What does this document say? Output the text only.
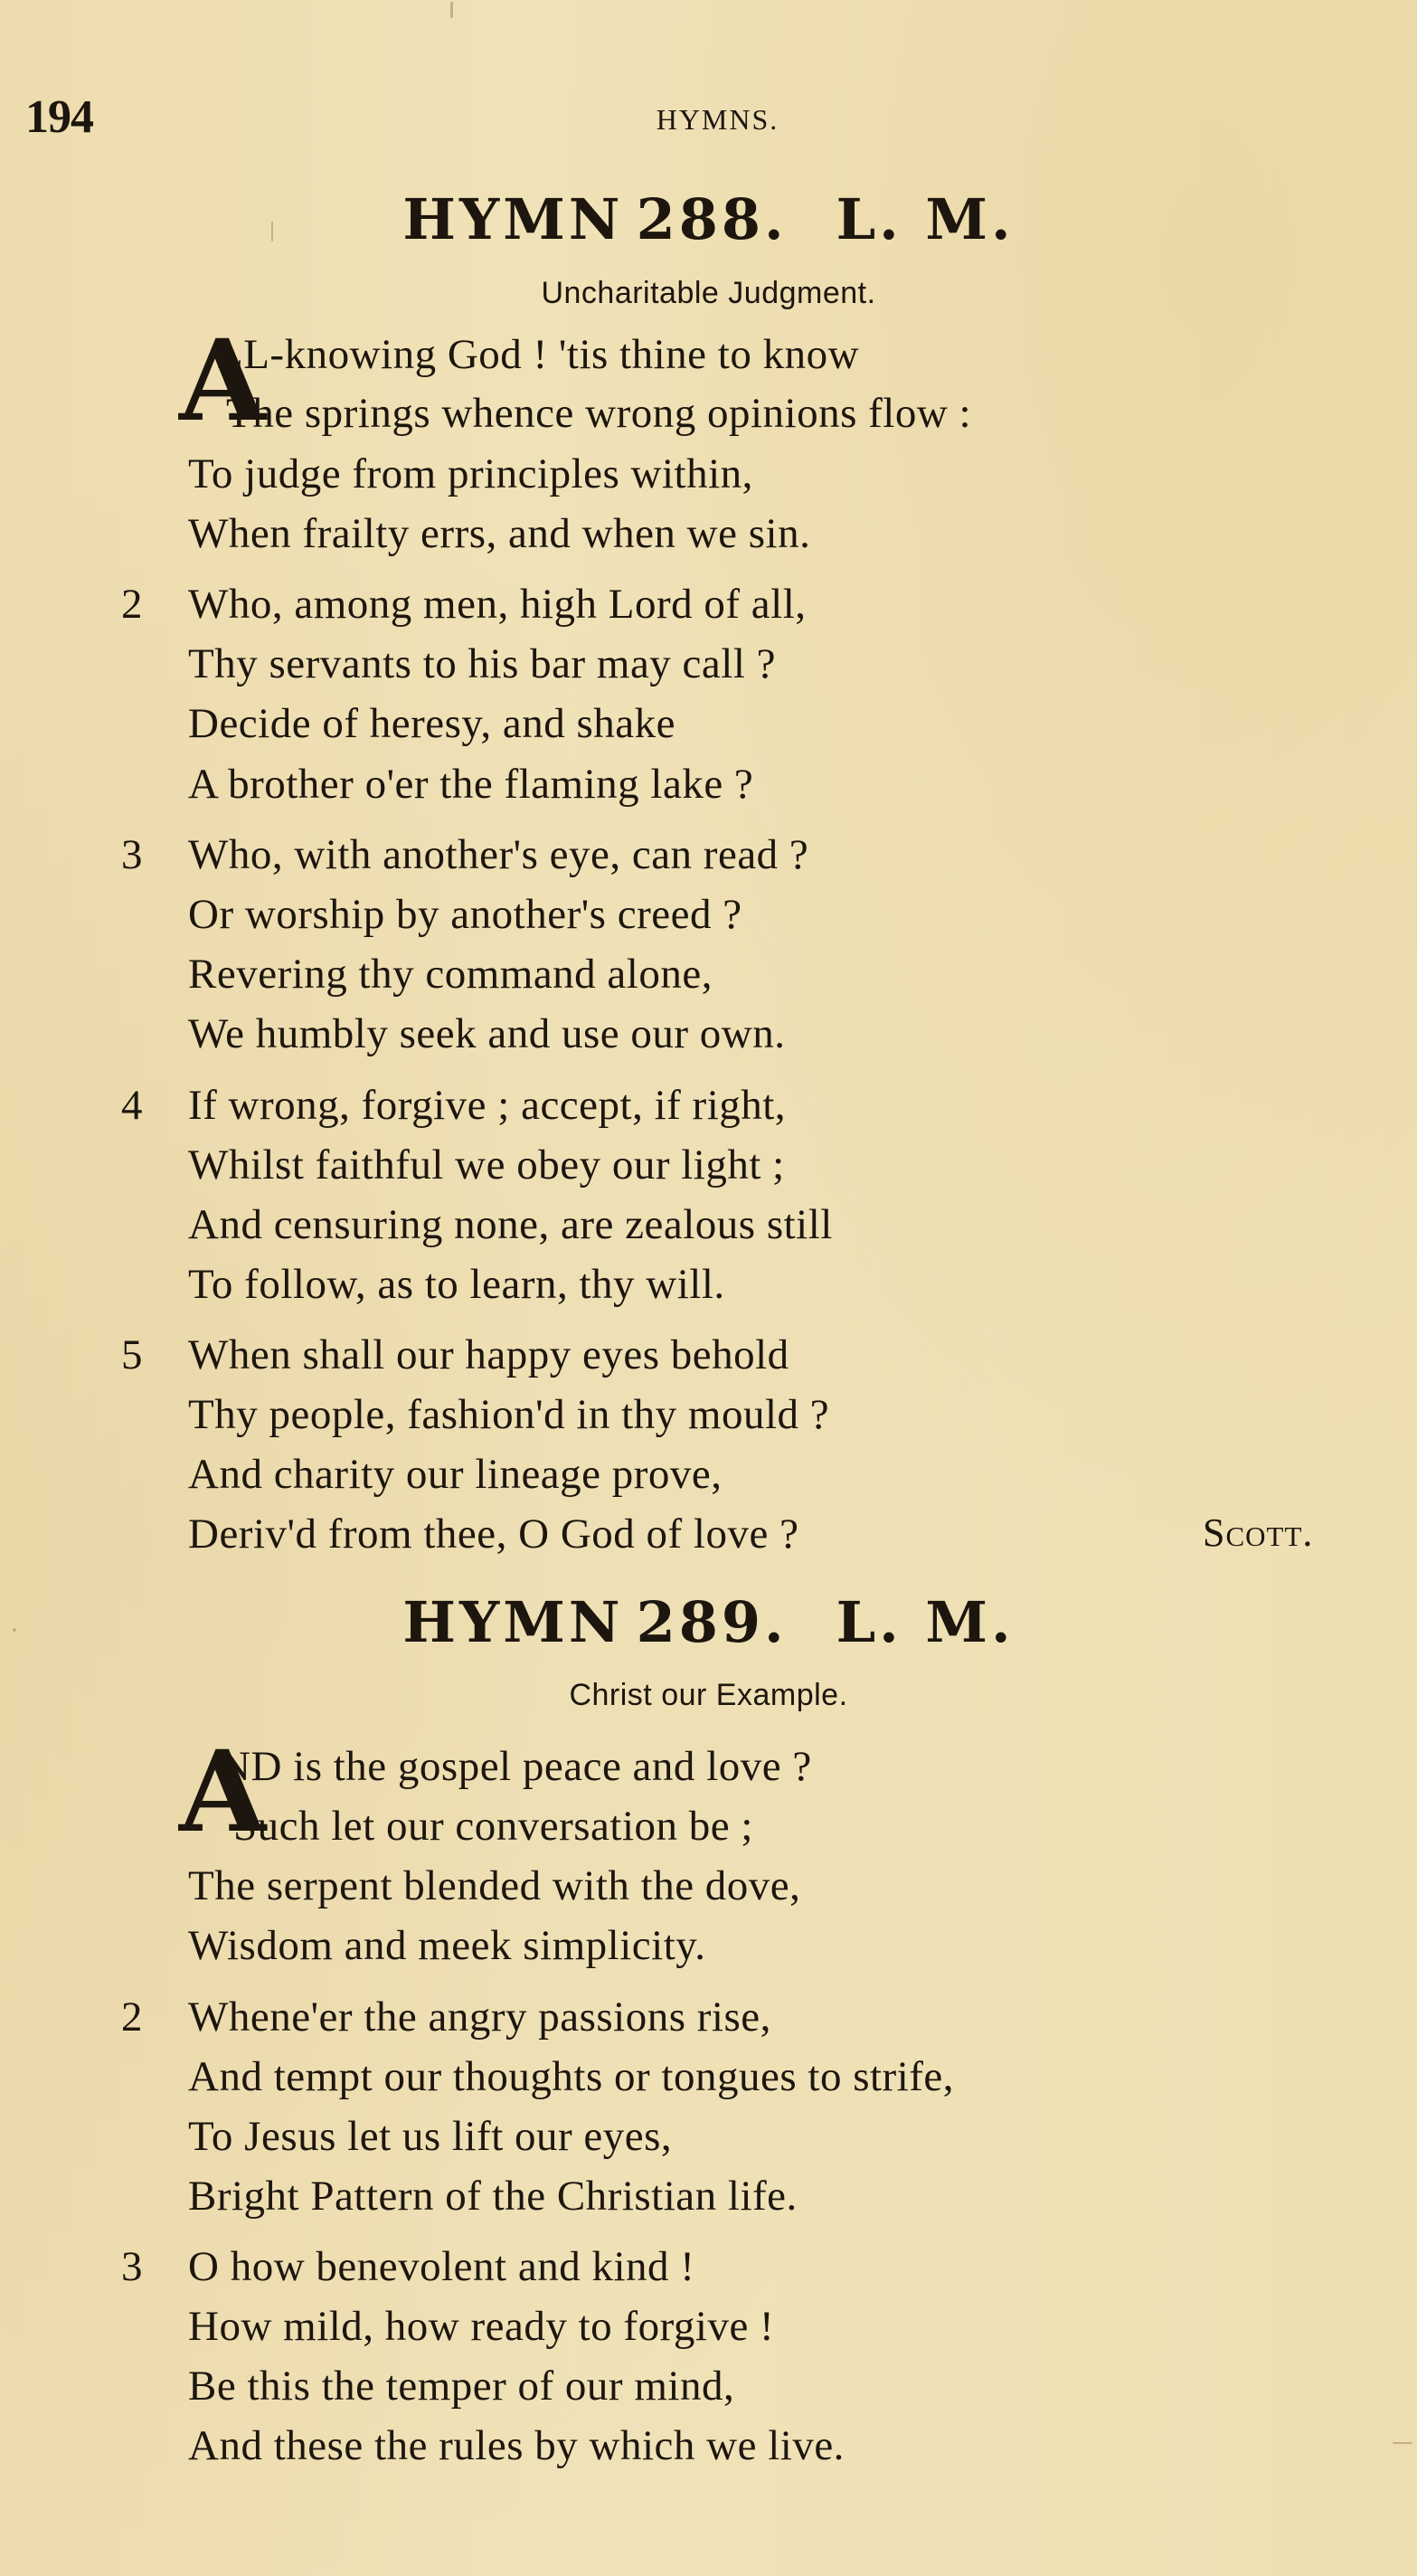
194	HYMNS.
HYMN 288. L. M.
Uncharitable Judgment.
A
LL-knowing God ! 'tis thine to know
The springs whence wrong opinions flow :
To judge from principles within,
When frailty errs, and when we sin.
2 Who, among men, high Lord of all,
Thy servants to his bar may call ?
Decide of heresy, and shake
A brother o'er the flaming lake ?
3 Who, with another's eye, can read ?
Or worship by another's creed ?
Revering thy command alone,
We humbly seek and use our own.
4 If wrong, forgive ; accept, if right,
Whilst faithful we obey our light ;
And censuring none, are zealous still
To follow, as to learn, thy will.
5 When shall our happy eyes behold
Thy people, fashion'd in thy mould ?
And charity our lineage prove,
Deriv'd from thee, O God of love ?	Scott.
HYMN 289. L. M.
Christ our Example.
A
ND is the gospel peace and love ?
Such let our conversation be ;
The serpent blended with the dove,
Wisdom and meek simplicity.
2 Whene'er the angry passions rise,
And tempt our thoughts or tongues to strife,
To Jesus let us lift our eyes,
Bright Pattern of the Christian life.
3 O how benevolent and kind !
How mild, how ready to forgive !
Be this the temper of our mind,
And these the rules by which we live.
